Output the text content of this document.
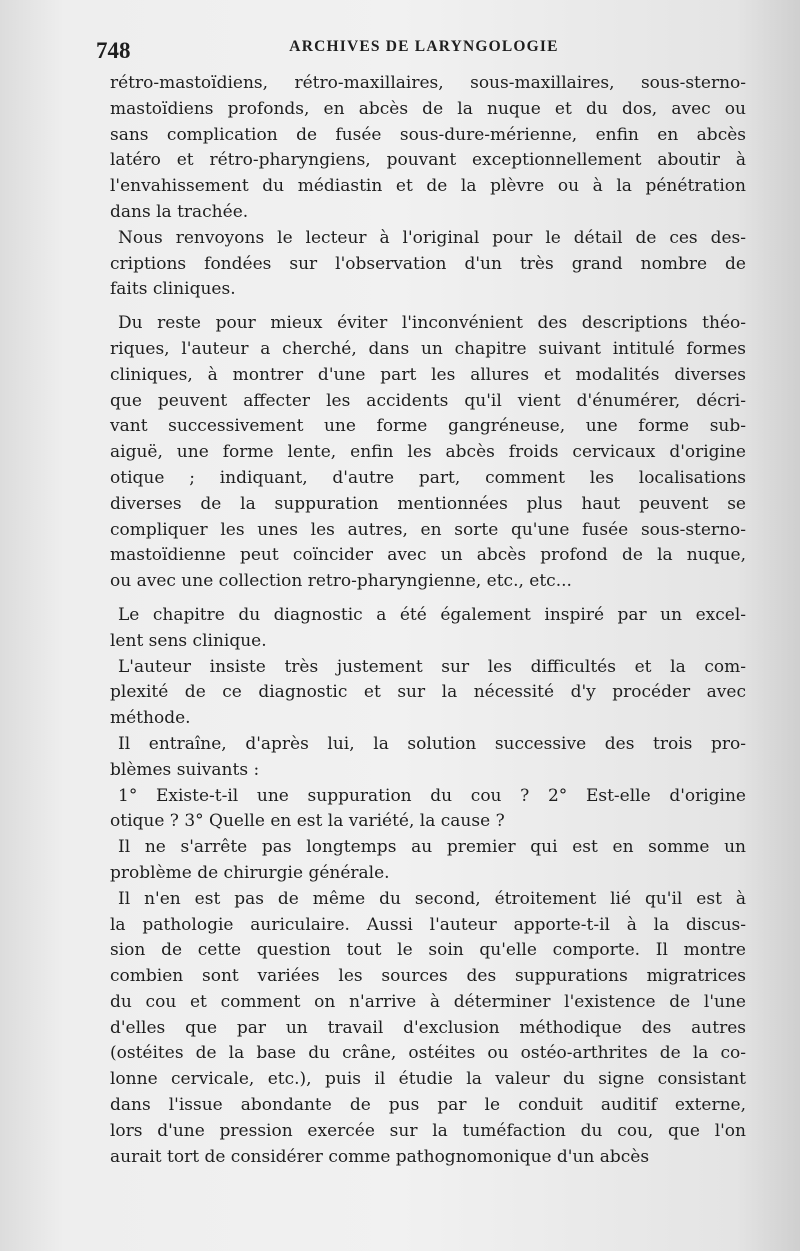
748	ARCHIVES DE LARYNGOLOGIE
rétro-mastoïdiens, rétro-maxillaires, sous-maxillaires, sous-sterno-
mastoïdiens profonds, en abcès de la nuque et du dos, avec ou
sans complication de fusée sous-dure-mérienne, enfin en abcès
latéro et rétro-pharyngiens, pouvant exceptionnellement aboutir à
l'envahissement du médiastin et de la plèvre ou à la pénétration
dans la trachée.
Nous renvoyons le lecteur à l'original pour le détail de ces des-
criptions fondées sur l'observation d'un très grand nombre de
faits cliniques.
Du reste pour mieux éviter l'inconvénient des descriptions théo-
riques, l'auteur a cherché, dans un chapitre suivant intitulé formes
cliniques, à montrer d'une part les allures et modalités diverses
que peuvent affecter les accidents qu'il vient d'énumérer, décri-
vant successivement une forme gangréneuse, une forme sub-
aiguë, une forme lente, enfin les abcès froids cervicaux d'origine
otique ; indiquant, d'autre part, comment les localisations
diverses de la suppuration mentionnées plus haut peuvent se
compliquer les unes les autres, en sorte qu'une fusée sous-sterno-
mastoïdienne peut coïncider avec un abcès profond de la nuque,
ou avec une collection retro-pharyngienne, etc., etc...
Le chapitre du diagnostic a été également inspiré par un excel-
lent sens clinique.
L'auteur insiste très justement sur les difficultés et la com-
plexité de ce diagnostic et sur la nécessité d'y procéder avec
méthode.
Il entraîne, d'après lui, la solution successive des trois pro-
blèmes suivants :
1° Existe-t-il une suppuration du cou ? 2° Est-elle d'origine
otique ? 3° Quelle en est la variété, la cause ?
Il ne s'arrête pas longtemps au premier qui est en somme un
problème de chirurgie générale.
Il n'en est pas de même du second, étroitement lié qu'il est à
la pathologie auriculaire. Aussi l'auteur apporte-t-il à la discus-
sion de cette question tout le soin qu'elle comporte. Il montre
combien sont variées les sources des suppurations migratrices
du cou et comment on n'arrive à déterminer l'existence de l'une
d'elles que par un travail d'exclusion méthodique des autres
(ostéites de la base du crâne, ostéites ou ostéo-arthrites de la co-
lonne cervicale, etc.), puis il étudie la valeur du signe consistant
dans l'issue abondante de pus par le conduit auditif externe,
lors d'une pression exercée sur la tuméfaction du cou, que l'on
aurait tort de considérer comme pathognomonique d'un abcès
